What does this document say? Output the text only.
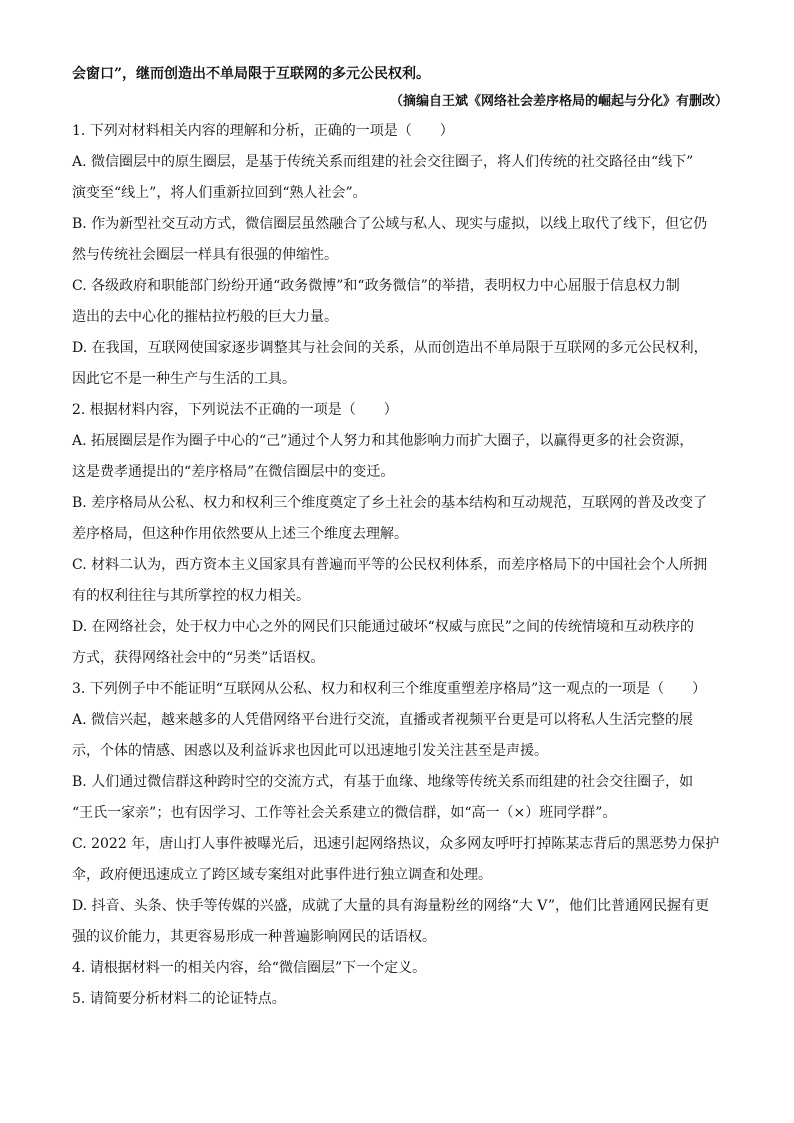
会窗口”，继而创造出不单局限于互联网的多元公民权利。
（摘编自王斌《网络社会差序格局的崛起与分化》有删改）
1. 下列对材料相关内容的理解和分析，正确的一项是（　　）
A. 微信圈层中的原生圈层，是基于传统关系而组建的社会交往圈子，将人们传统的社交路径由“线下”
演变至“线上”，将人们重新拉回到“熟人社会”。
B. 作为新型社交互动方式，微信圈层虽然融合了公域与私人、现实与虚拟，以线上取代了线下，但它仍
然与传统社会圈层一样具有很强的伸缩性。
C. 各级政府和职能部门纷纷开通“政务微博”和“政务微信”的举措，表明权力中心屈服于信息权力制
造出的去中心化的摧枯拉朽般的巨大力量。
D. 在我国，互联网使国家逐步调整其与社会间的关系，从而创造出不单局限于互联网的多元公民权利，
因此它不是一种生产与生活的工具。
2. 根据材料内容，下列说法不正确的一项是（　　）
A. 拓展圈层是作为圈子中心的“己”通过个人努力和其他影响力而扩大圈子，以赢得更多的社会资源，
这是费孝通提出的“差序格局”在微信圈层中的变迁。
B. 差序格局从公私、权力和权利三个维度奠定了乡土社会的基本结构和互动规范，互联网的普及改变了
差序格局，但这种作用依然要从上述三个维度去理解。
C. 材料二认为，西方资本主义国家具有普遍而平等的公民权利体系，而差序格局下的中国社会个人所拥
有的权利往往与其所掌控的权力相关。
D. 在网络社会，处于权力中心之外的网民们只能通过破坏“权威与庶民”之间的传统情境和互动秩序的
方式，获得网络社会中的“另类”话语权。
3. 下列例子中不能证明“互联网从公私、权力和权利三个维度重塑差序格局”这一观点的一项是（　　）
A. 微信兴起，越来越多的人凭借网络平台进行交流，直播或者视频平台更是可以将私人生活完整的展
示，个体的情感、困惑以及利益诉求也因此可以迅速地引发关注甚至是声援。
B. 人们通过微信群这种跨时空的交流方式，有基于血缘、地缘等传统关系而组建的社会交往圈子，如
“王氏一家亲”；也有因学习、工作等社会关系建立的微信群，如“高一（×）班同学群”。
C. 2022 年，唐山打人事件被曝光后，迅速引起网络热议，众多网友呼吁打掉陈某志背后的黑恶势力保护
伞，政府便迅速成立了跨区域专案组对此事件进行独立调查和处理。
D. 抖音、头条、快手等传媒的兴盛，成就了大量的具有海量粉丝的网络“大 V”，他们比普通网民握有更
强的议价能力，其更容易形成一种普遍影响网民的话语权。
4. 请根据材料一的相关内容，给“微信圈层”下一个定义。
5. 请简要分析材料二的论证特点。
